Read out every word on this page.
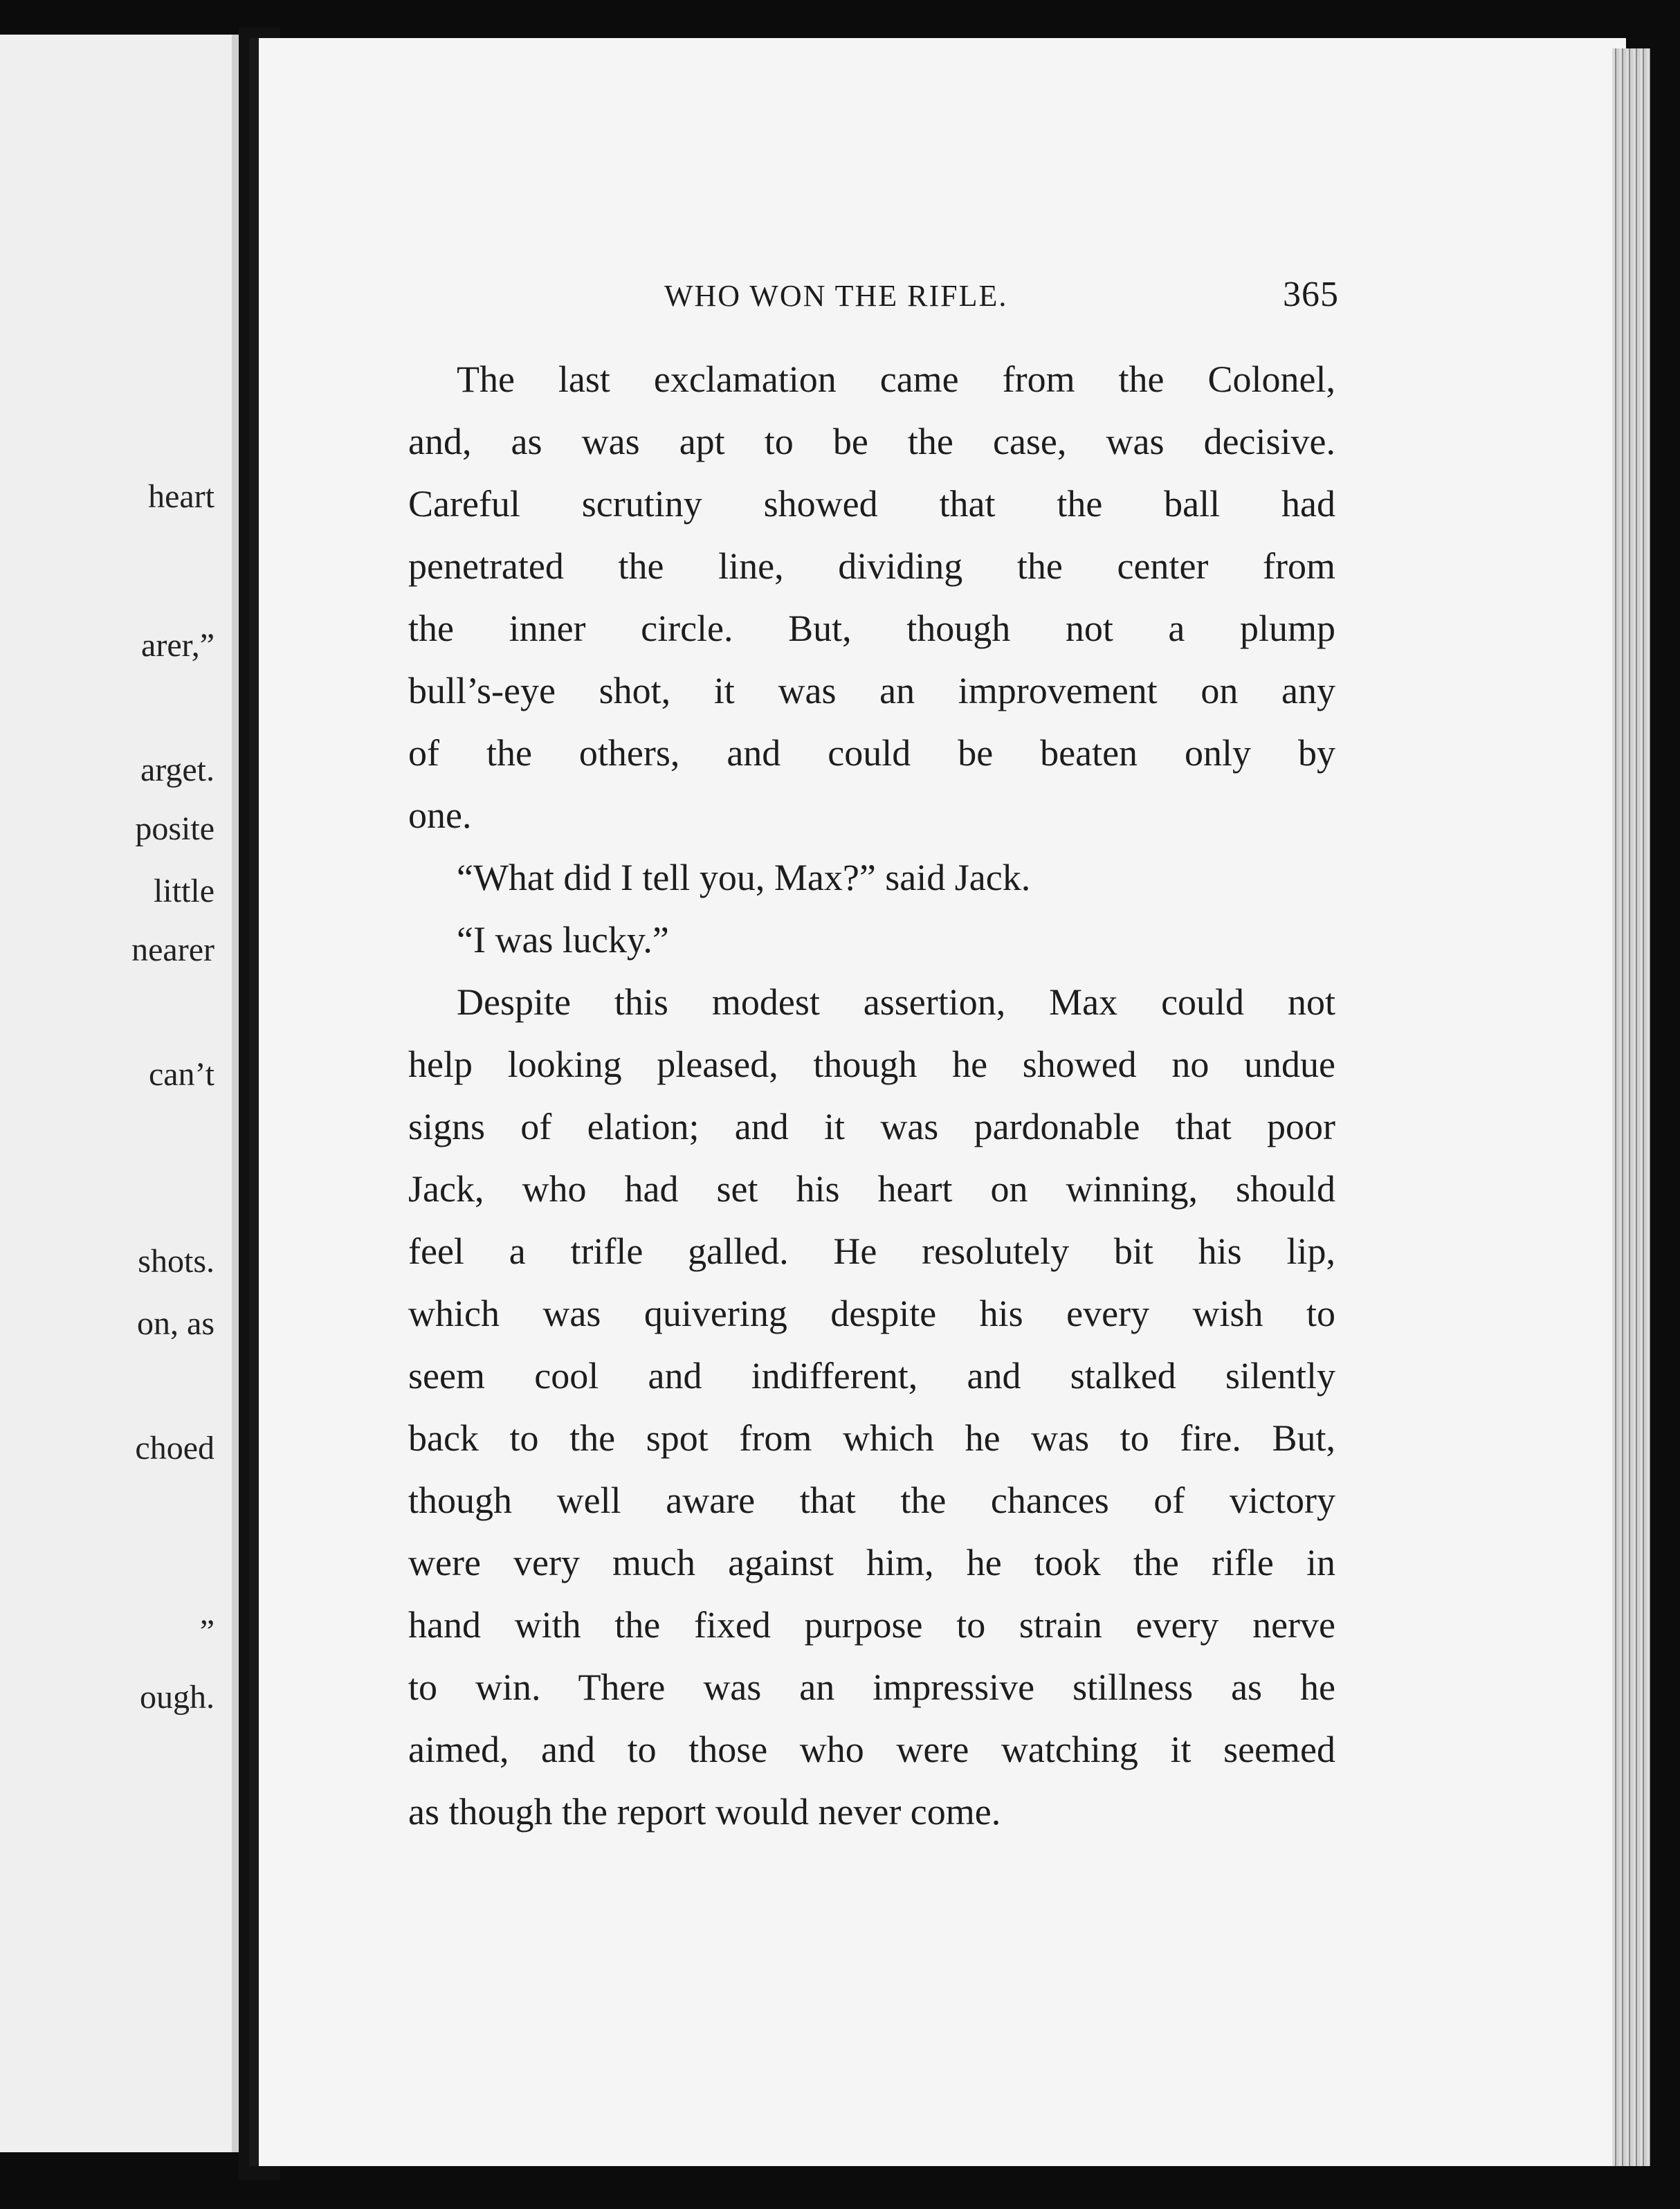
heart
arer,”
arget.
posite
little
nearer
can’t
shots.
on, as
choed
”
ough.
WHO WON THE RIFLE.	365
The last exclamation came from the Colonel,
and, as was apt to be the case, was decisive.
Careful scrutiny showed that the ball had
penetrated the line, dividing the center from
the inner circle. But, though not a plump
bull’s-eye shot, it was an improvement on any
of the others, and could be beaten only by
one.
“What did I tell you, Max?” said Jack.
“I was lucky.”
Despite this modest assertion, Max could not
help looking pleased, though he showed no undue
signs of elation; and it was pardonable that poor
Jack, who had set his heart on winning, should
feel a trifle galled. He resolutely bit his lip,
which was quivering despite his every wish to
seem cool and indifferent, and stalked silently
back to the spot from which he was to fire. But,
though well aware that the chances of victory
were very much against him, he took the rifle in
hand with the fixed purpose to strain every nerve
to win. There was an impressive stillness as he
aimed, and to those who were watching it seemed
as though the report would never come.
